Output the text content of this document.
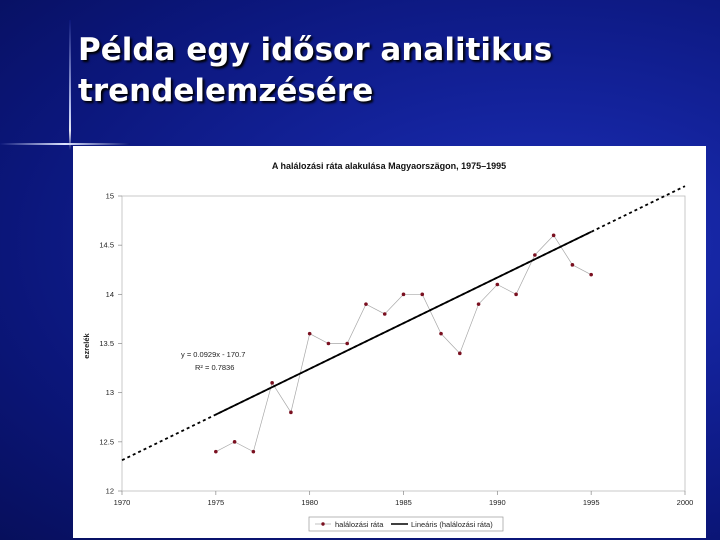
Példa egy idősor analitikus trendelemzésére
A halálozási ráta alakulása Magyaorszägon, 1975–1995
1970	1975	1980	1985	1990	1995	2000
12
12.5
13
13.5
14
14.5
15
ezrelék	y = 0.0929x - 170.7
R² = 0.7836
halálozási ráta	Lineáris (halálozási ráta)
